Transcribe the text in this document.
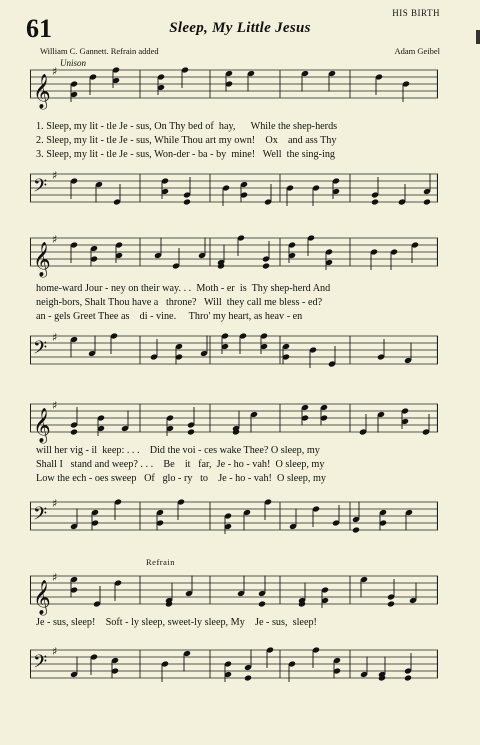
61
HIS BIRTH
Sleep, My Little Jesus
William C. Gannett. Refrain added	Adam Geibel
Unison
Refrain
𝄞
♯
1. Sleep, my lit - tle Je - sus, On Thy bed of  hay,      While the shep-herds
2. Sleep, my lit - tle Je - sus, While Thou art my own!    Ox    and ass Thy
3. Sleep, my lit - tle Je - sus, Won-der - ba - by  mine!   Well  the sing-ing
𝄢
♯
𝄞
♯
home-ward Jour - ney on their way. . .  Moth - er  is  Thy shep-herd And
neigh-bors, Shalt Thou have a   throne?   Will  they call me bless - ed?
an - gels Greet Thee as    di - vine.     Thro' my heart, as heav - en
𝄢
♯
𝄞
♯
will her vig - il  keep: . . .    Did the voi - ces wake Thee? O sleep, my
Shall I   stand and weep? . . .    Be    it   far,  Je - ho - vah!  O sleep, my
Low the ech - oes sweep   Of   glo - ry   to    Je - ho - vah!  O sleep, my
𝄢
♯
𝄞
♯
Je - sus, sleep!    Soft - ly sleep, sweet-ly sleep, My    Je - sus,  sleep!
𝄢
♯
